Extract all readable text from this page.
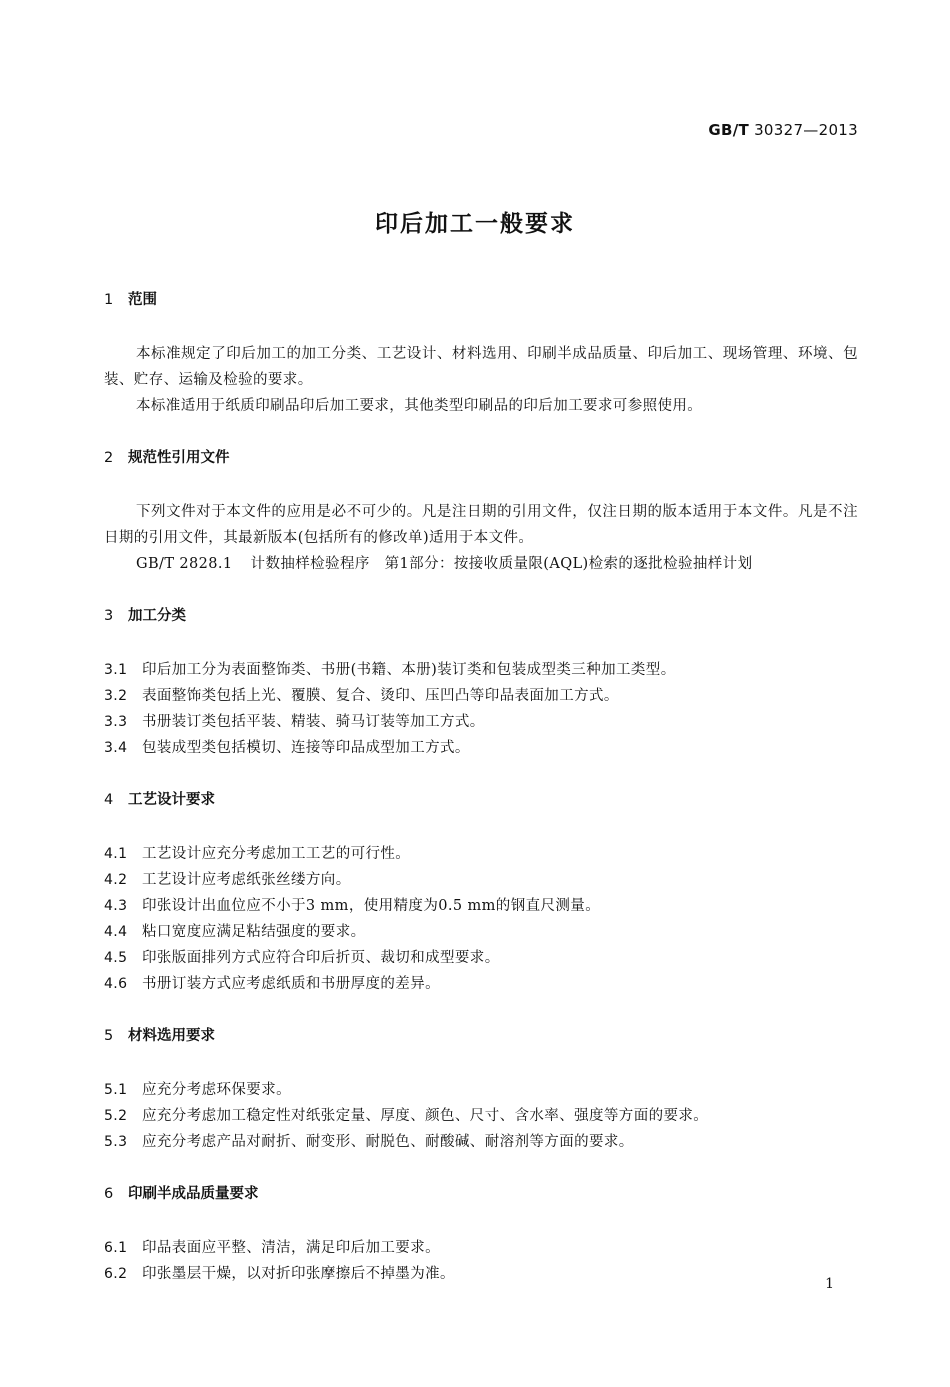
GB/T 30327—2013
印后加工一般要求
1 范围

本标准规定了印后加工的加工分类、工艺设计、材料选用、印刷半成品质量、印后加工、现场管理、环境、包装、贮存、运输及检验的要求。

本标准适用于纸质印刷品印后加工要求，其他类型印刷品的印后加工要求可参照使用。

2 规范性引用文件

下列文件对于本文件的应用是必不可少的。凡是注日期的引用文件，仅注日期的版本适用于本文件。凡是不注日期的引用文件，其最新版本(包括所有的修改单)适用于本文件。

GB/T 2828.1 计数抽样检验程序　第1部分：按接收质量限(AQL)检索的逐批检验抽样计划
3 加工分类
3.1 印后加工分为表面整饰类、书册(书籍、本册)装订类和包装成型类三种加工类型。
3.2 表面整饰类包括上光、覆膜、复合、烫印、压凹凸等印品表面加工方式。
3.3 书册装订类包括平装、精装、骑马订装等加工方式。
3.4 包装成型类包括模切、连接等印品成型加工方式。
4 工艺设计要求
4.1 工艺设计应充分考虑加工工艺的可行性。
4.2 工艺设计应考虑纸张丝缕方向。
4.3 印张设计出血位应不小于3 mm，使用精度为0.5 mm的钢直尺测量。
4.4 粘口宽度应满足粘结强度的要求。
4.5 印张版面排列方式应符合印后折页、裁切和成型要求。
4.6 书册订装方式应考虑纸质和书册厚度的差异。
5 材料选用要求
5.1 应充分考虑环保要求。
5.2 应充分考虑加工稳定性对纸张定量、厚度、颜色、尺寸、含水率、强度等方面的要求。
5.3 应充分考虑产品对耐折、耐变形、耐脱色、耐酸碱、耐溶剂等方面的要求。
6 印刷半成品质量要求
6.1 印品表面应平整、清洁，满足印后加工要求。
6.2 印张墨层干燥，以对折印张摩擦后不掉墨为准。
1
